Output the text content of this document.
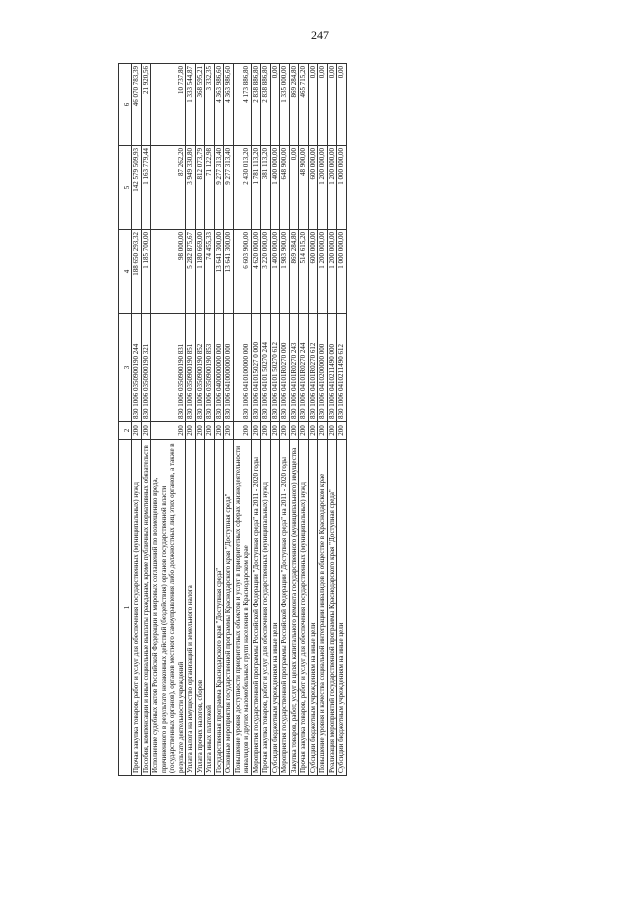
247
1	2	3	4	5	6
Прочая закупка товаров, работ и услуг для обеспечения государственных (муниципальных) нужд	200	830 1006 0350900190 244	188 650 293,32	142 579 509,93	46 070 783,39
Пособия, компенсации и иные социальные выплаты гражданам, кроме публичных нормативных обязательств	200	830 1006 0350900190 321	1 185 700,00	1 163 779,44	21 920,56
Исполнение судебных актов Российской Федерации и мировых соглашений по возмещению вреда, причиненного в результате незаконных действий (бездействия) органов государственной власти (государственных органов), органов местного самоуправления либо должностных лиц этих органов, а также в результате деятельности учреждений	200	830 1006 0350900190 831	98 000,00	87 262,20	10 737,80
Уплата налога на имущество организаций и земельного налога	200	830 1006 0350900190 851	5 282 875,67	3 949 330,80	1 333 544,87
Уплата прочих налогов, сборов	200	830 1006 0350900190 852	1 180 669,00	812 073,79	368 595,21
Уплата иных платежей	200	830 1006 0350900190 853	74 455,33	71 122,98	3 332,35
Государственная программа Краснодарского края "Доступная среда"	200	830 1006 0400000000 000	13 641 300,00	9 277 313,40	4 363 986,60
Основные мероприятия государственной программы Краснодарского края "Доступная среда"	200	830 1006 0410000000 000	13 641 300,00	9 277 313,40	4 363 986,60
Повышение уровня доступности приоритетных объектов и услуг в приоритетных сферах жизнедеятельности инвалидов и других маломобильных групп населения в Краснодарском крае	200	830 1006 0410100000 000	6 603 900,00	2 430 013,20	4 173 886,80
Мероприятия государственной программы Российской Федерации "Доступная среда" на 2011 - 2020 годы	200	830 1006 041015027 0 000	4 620 000,00	1 781 113,20	2 838 886,80
Прочая закупка товаров, работ и услуг для обеспечения государственных (муниципальных) нужд	200	830 1006 04101 50270 244	3 220 000,00	381 113,20	2 838 886,80
Субсидии бюджетным учреждениям на иные цели	200	830 1006 04101 50270 612	1 400 000,00	1 400 000,00	0,00
Мероприятия государственной программы Российской Федерации "Доступная среда" на 2011 - 2020 годы	200	830 1006 04101R0270 000	1 983 900,00	648 900,00	1 335 000,00
Закупка товаров, работ, услуг в целях капитального ремонта государственного (муниципального) имущества	200	830 1006 04101R0270 243	869 284,80	0,00	869 284,80
Прочая закупка товаров, работ и услуг для обеспечения государственных (муниципальных) нужд	200	830 1006 04101R0270 244	514 615,20	48 900,00	465 715,20
Субсидии бюджетным учреждениям на иные цели	200	830 1006 04101R0270 612	600 000,00	600 000,00	0,00
Повышение уровня и качества социальной интеграции инвалидов в обществе в Краснодарском крае	200	830 1006 0410200000 000	1 200 000,00	1 200 000,00	0,00
Реализация мероприятий государственной программы Краснодарского края "Доступная среда"	200	830 1006 0410211490 000	1 200 000,00	1 200 000,00	0,00
Субсидии бюджетным учреждениям на иные цели	200	830 1006 0410211490 612	1 000 000,00	1 000 000,00	0,00
